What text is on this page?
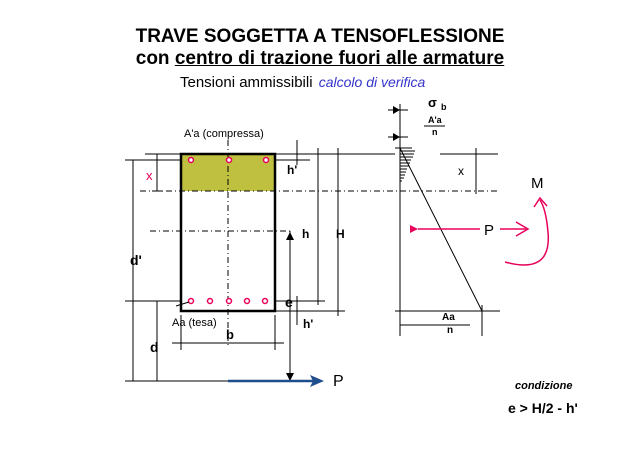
TRAVE SOGGETTA A TENSOFLESSIONE
con centro di trazione fuori alle armature
Tensioni ammissibili calcolo di verifica
A'a (compressa)
x
d'
d
Aa (tesa)
b
e
P
h'
h H
h'
x
P
M
σ b
A'a
n
Aa
n
condizione
e > H/2 - h'
